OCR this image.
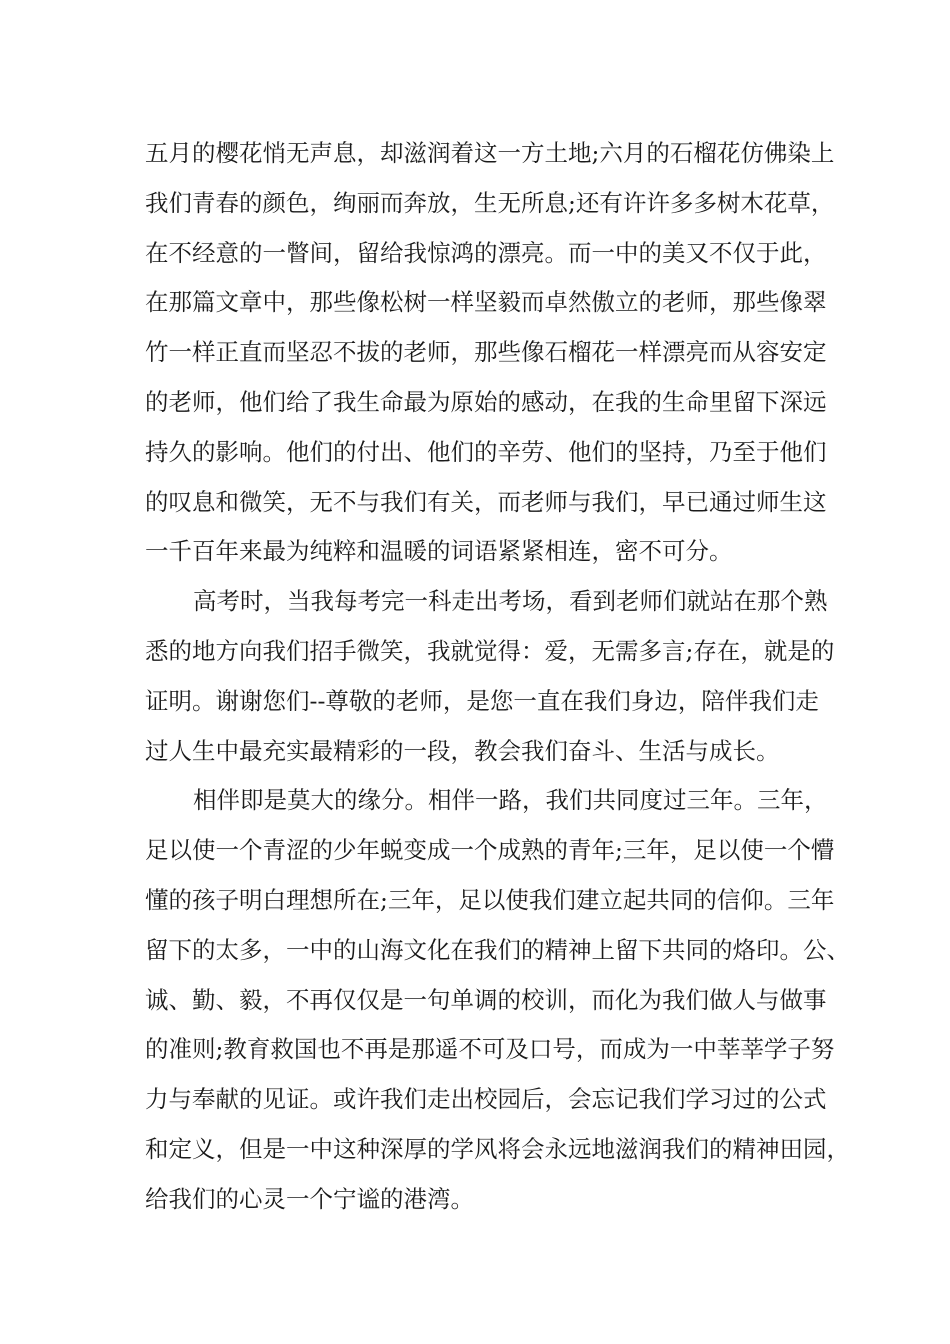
五月的樱花悄无声息，却滋润着这一方土地;六月的石榴花仿佛染上
我们青春的颜色，绚丽而奔放，生无所息;还有许许多多树木花草，
在不经意的一瞥间，留给我惊鸿的漂亮。而一中的美又不仅于此，
在那篇文章中，那些像松树一样坚毅而卓然傲立的老师，那些像翠
竹一样正直而坚忍不拔的老师，那些像石榴花一样漂亮而从容安定
的老师，他们给了我生命最为原始的感动，在我的生命里留下深远
持久的影响。他们的付出、他们的辛劳、他们的坚持，乃至于他们
的叹息和微笑，无不与我们有关，而老师与我们，早已通过师生这
一千百年来最为纯粹和温暖的词语紧紧相连，密不可分。
高考时，当我每考完一科走出考场，看到老师们就站在那个熟
悉的地方向我们招手微笑，我就觉得：爱，无需多言;存在，就是的
证明。谢谢您们--尊敬的老师，是您一直在我们身边，陪伴我们走
过人生中最充实最精彩的一段，教会我们奋斗、生活与成长。
相伴即是莫大的缘分。相伴一路，我们共同度过三年。三年，
足以使一个青涩的少年蜕变成一个成熟的青年;三年，足以使一个懵
懂的孩子明白理想所在;三年，足以使我们建立起共同的信仰。三年
留下的太多，一中的山海文化在我们的精神上留下共同的烙印。公、
诚、勤、毅，不再仅仅是一句单调的校训，而化为我们做人与做事
的准则;教育救国也不再是那遥不可及口号，而成为一中莘莘学子努
力与奉献的见证。或许我们走出校园后，会忘记我们学习过的公式
和定义，但是一中这种深厚的学风将会永远地滋润我们的精神田园，
给我们的心灵一个宁谧的港湾。
